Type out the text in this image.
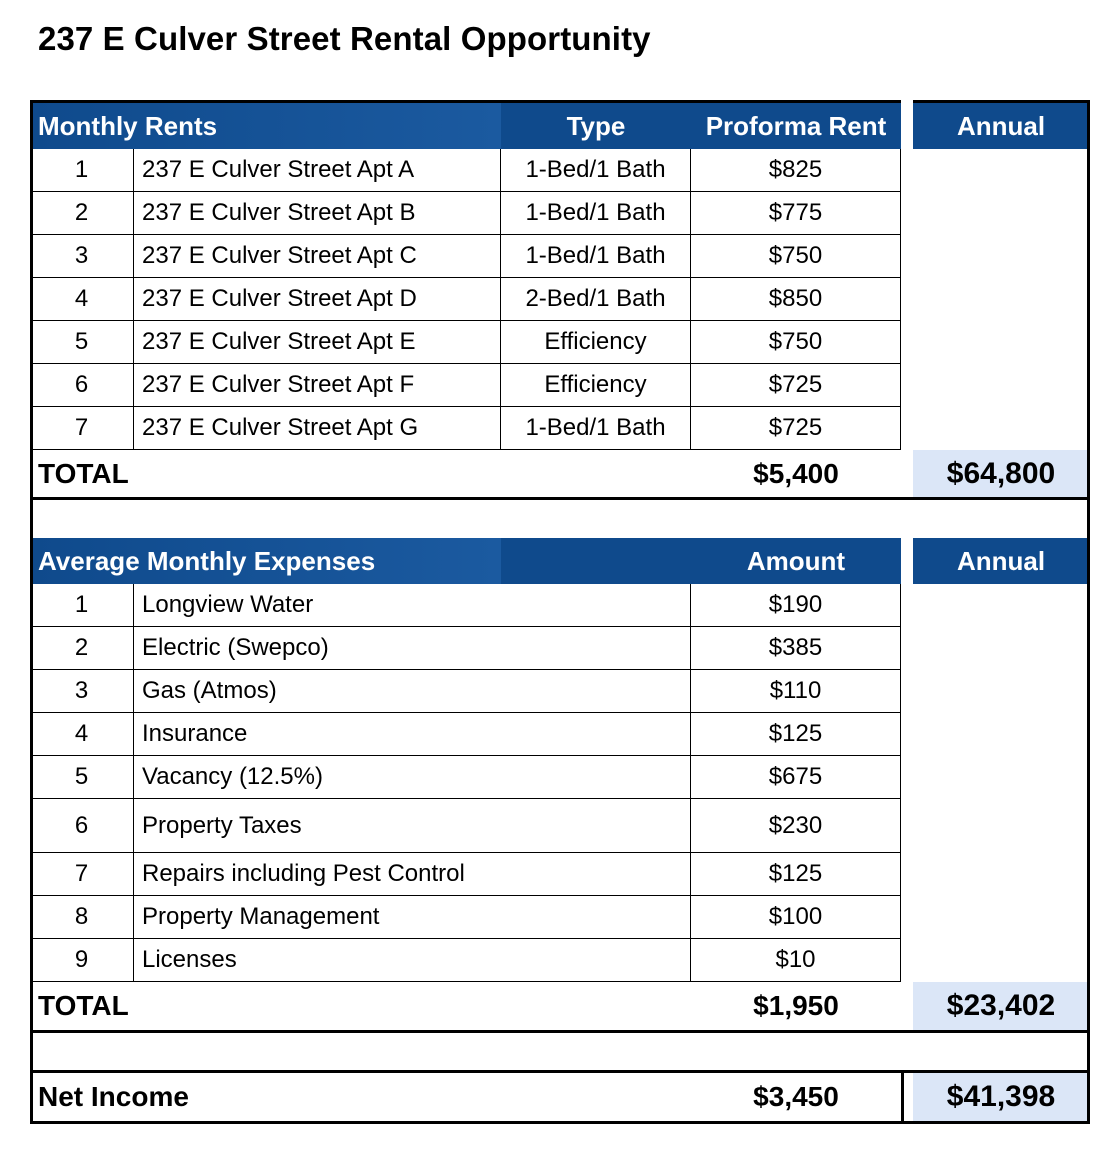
237 E Culver Street Rental Opportunity
Monthly Rents	Type	Proforma Rent	Annual
1	237 E Culver Street Apt A	1-Bed/1 Bath	$825
2	237 E Culver Street Apt B	1-Bed/1 Bath	$775
3	237 E Culver Street Apt C	1-Bed/1 Bath	$750
4	237 E Culver Street Apt D	2-Bed/1 Bath	$850
5	237 E Culver Street Apt E	Efficiency	$750
6	237 E Culver Street Apt F	Efficiency	$725
7	237 E Culver Street Apt G	1-Bed/1 Bath	$725
TOTAL	$5,400	$64,800
Average Monthly Expenses	Amount	Annual
1	Longview Water	$190
2	Electric (Swepco)	$385
3	Gas (Atmos)	$110
4	Insurance	$125
5	Vacancy (12.5%)	$675
6	Property Taxes	$230
7	Repairs including Pest Control	$125
8	Property Management	$100
9	Licenses	$10
TOTAL	$1,950	$23,402
Net Income	$3,450	$41,398
